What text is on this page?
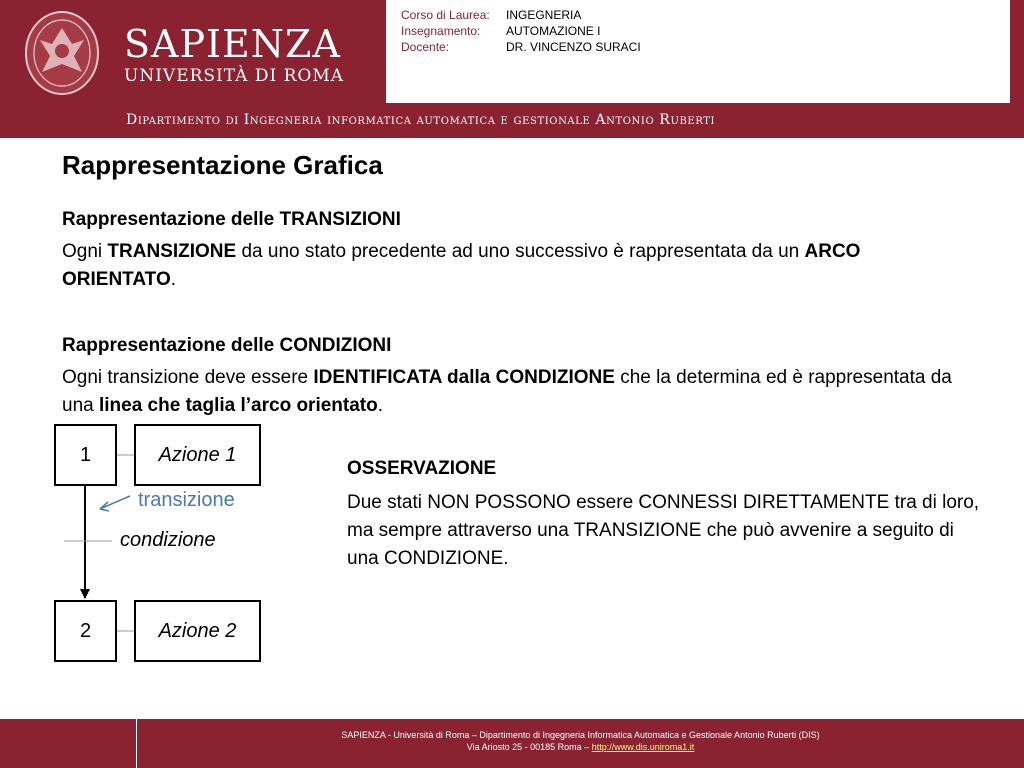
SAPIENZA
UNIVERSITÀ DI ROMA
Corso di Laurea:	INGEGNERIA
Insegnamento:	AUTOMAZIONE I
Docente:	DR. VINCENZO SURACI
Dipartimento di Ingegneria informatica automatica e gestionale Antonio Ruberti
Rappresentazione Grafica
Rappresentazione delle TRANSIZIONI
Ogni TRANSIZIONE da uno stato precedente ad uno successivo è rappresentata da un ARCO ORIENTATO.
Rappresentazione delle CONDIZIONI
Ogni transizione deve essere IDENTIFICATA dalla CONDIZIONE che la determina ed è rappresentata da una linea che taglia l’arco orientato.
1	Azione 1
transizione
condizione
2	Azione 2
OSSERVAZIONE
Due stati NON POSSONO essere CONNESSI DIRETTAMENTE tra di loro, ma sempre attraverso una TRANSIZIONE che può avvenire a seguito di una CONDIZIONE.
SAPIENZA - Università di Roma – Dipartimento di Ingegneria Informatica Automatica e Gestionale Antonio Ruberti (DIS)
Via Ariosto 25 - 00185 Roma – http://www.dis.uniroma1.it
